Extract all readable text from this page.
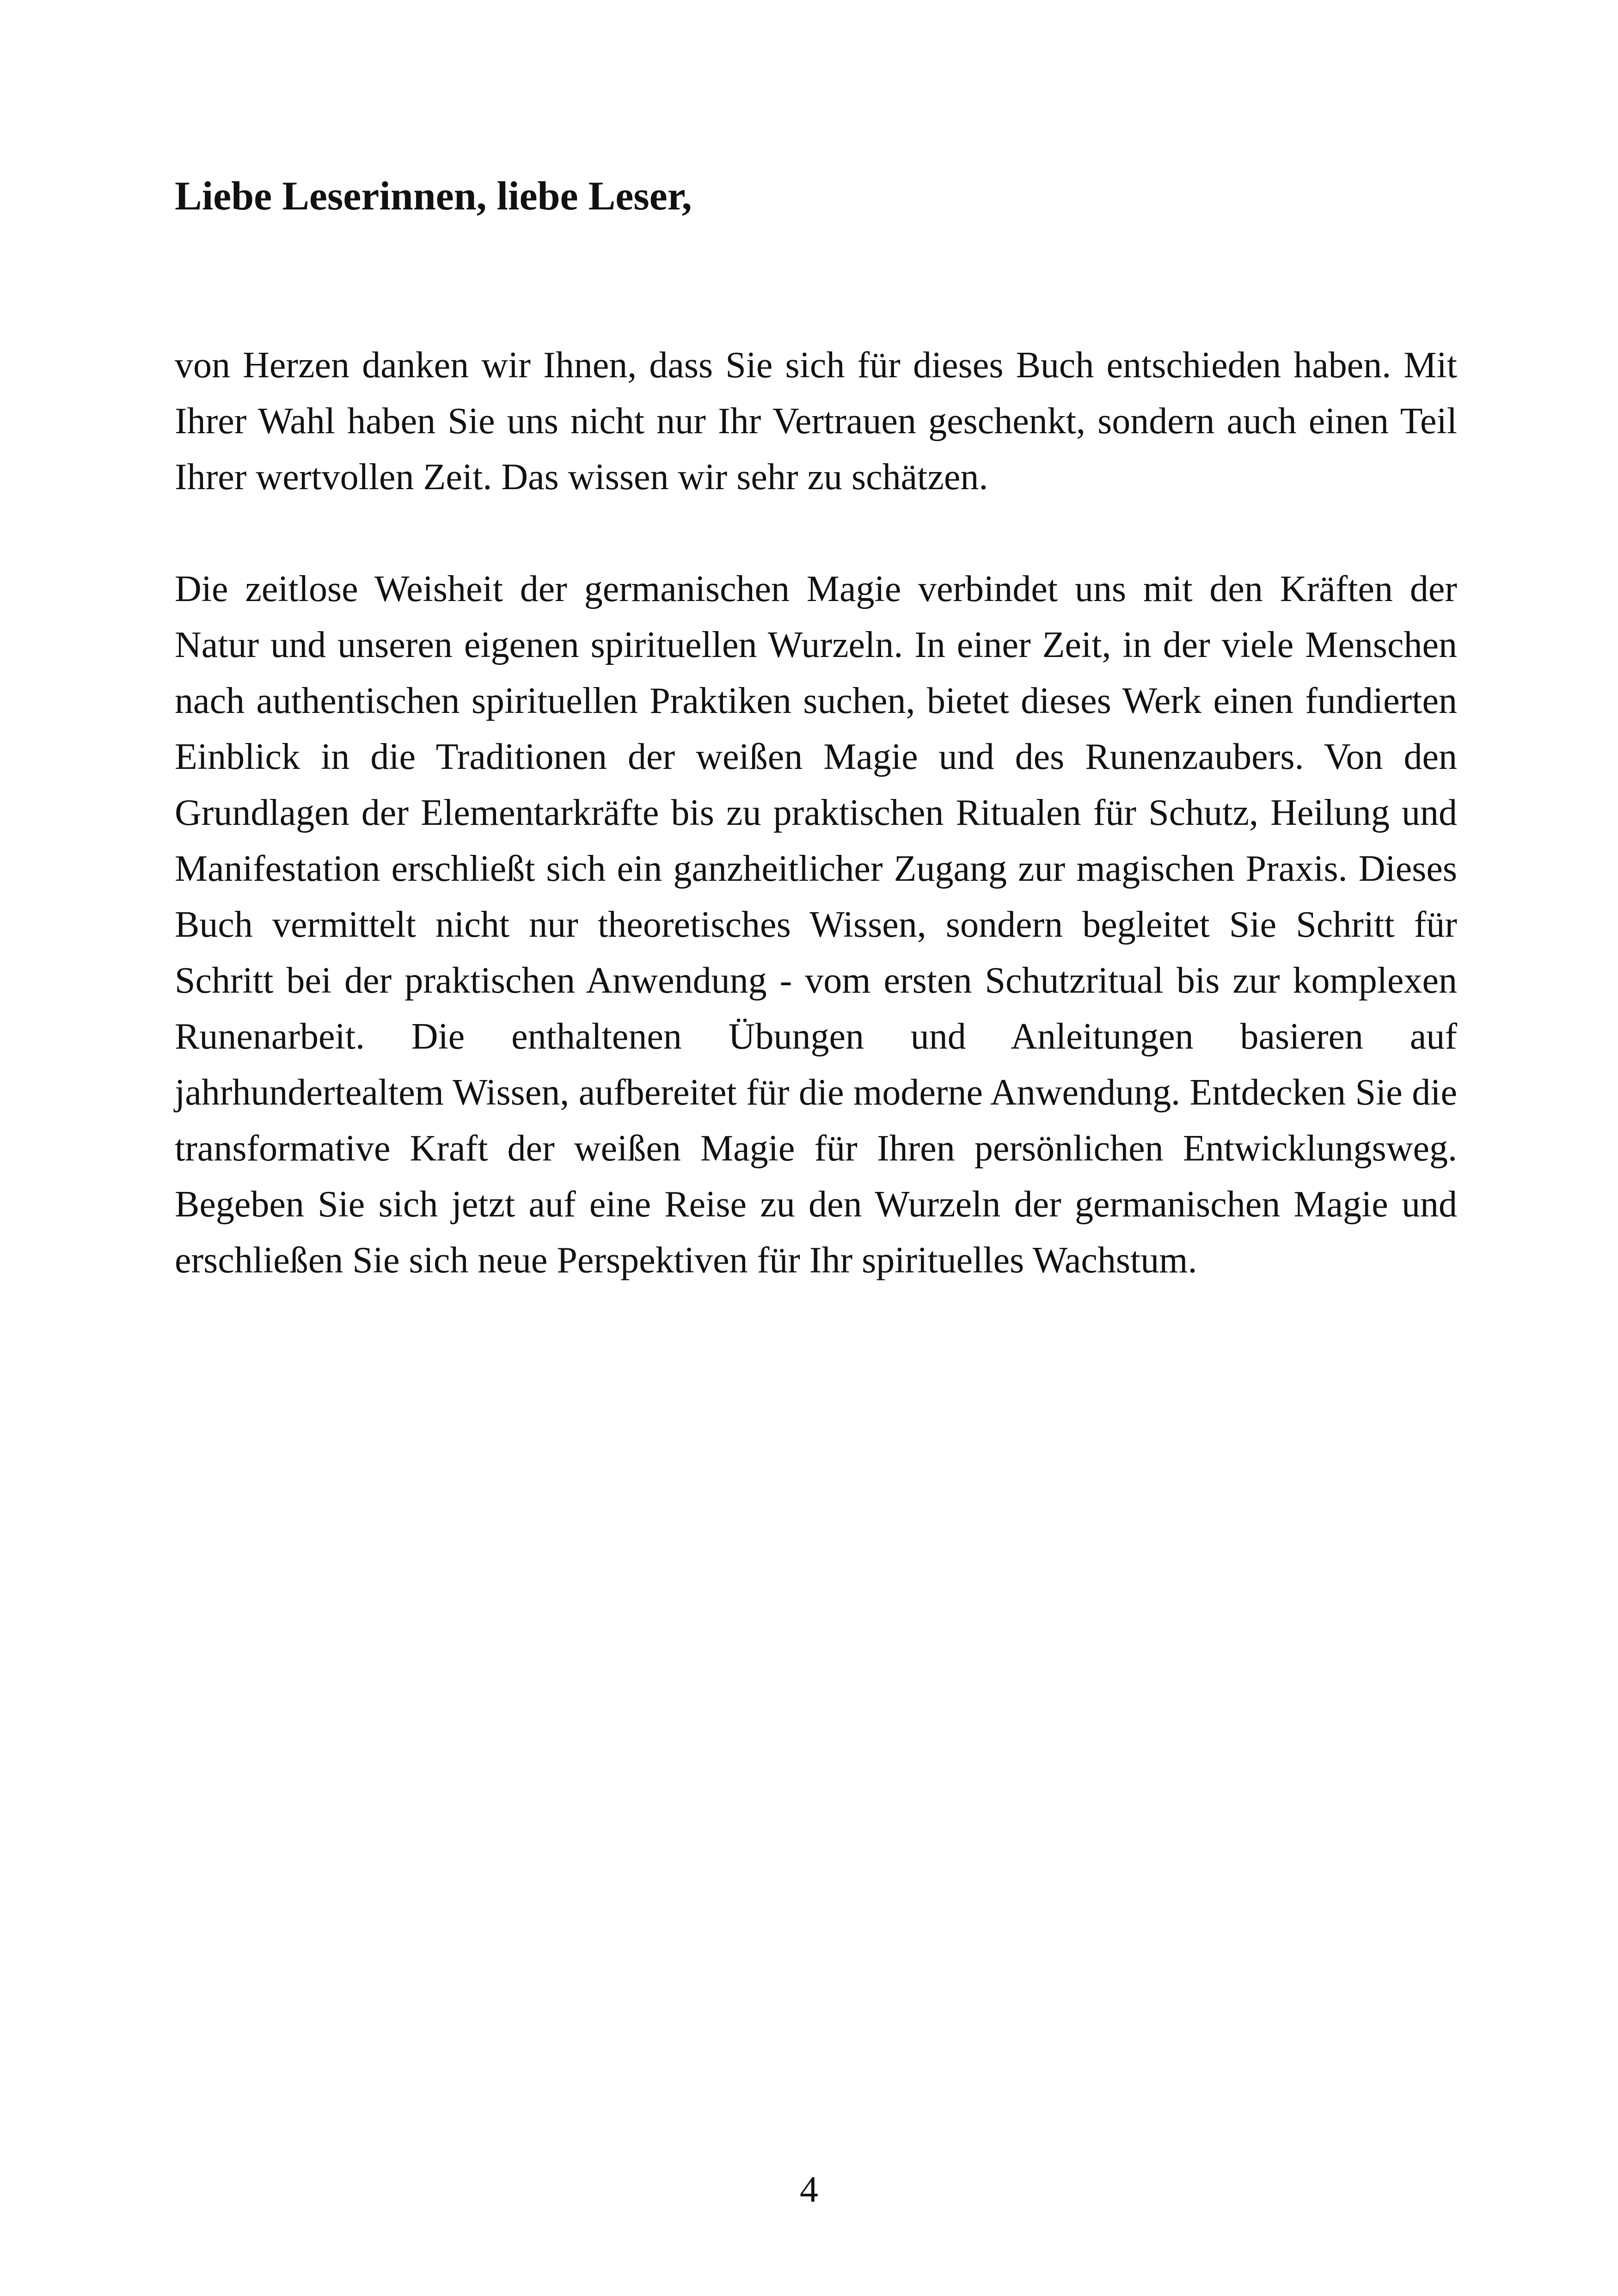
Liebe Leserinnen, liebe Leser,

von Herzen danken wir Ihnen, dass Sie sich für dieses Buch entschieden haben. Mit Ihrer Wahl haben Sie uns nicht nur Ihr Vertrauen geschenkt, sondern auch einen Teil Ihrer wertvollen Zeit. Das wissen wir sehr zu schätzen.

Die zeitlose Weisheit der germanischen Magie verbindet uns mit den Kräften der Natur und unseren eigenen spirituellen Wurzeln. In einer Zeit, in der viele Menschen nach authentischen spirituellen Praktiken suchen, bietet dieses Werk einen fundierten Einblick in die Traditionen der weißen Magie und des Runenzaubers. Von den Grundlagen der Elementarkräfte bis zu praktischen Ritualen für Schutz, Heilung und Manifestation erschließt sich ein ganzheitlicher Zugang zur magischen Praxis. Dieses Buch vermittelt nicht nur theoretisches Wissen, sondern begleitet Sie Schritt für Schritt bei der praktischen Anwendung - vom ersten Schutzritual bis zur komplexen Runenarbeit. Die enthaltenen Übungen und Anleitungen basieren auf jahrhundertealtem Wissen, aufbereitet für die moderne Anwendung. Entdecken Sie die transformative Kraft der weißen Magie für Ihren persönlichen Entwicklungsweg. Begeben Sie sich jetzt auf eine Reise zu den Wurzeln der germanischen Magie und erschließen Sie sich neue Perspektiven für Ihr spirituelles Wachstum.

4
